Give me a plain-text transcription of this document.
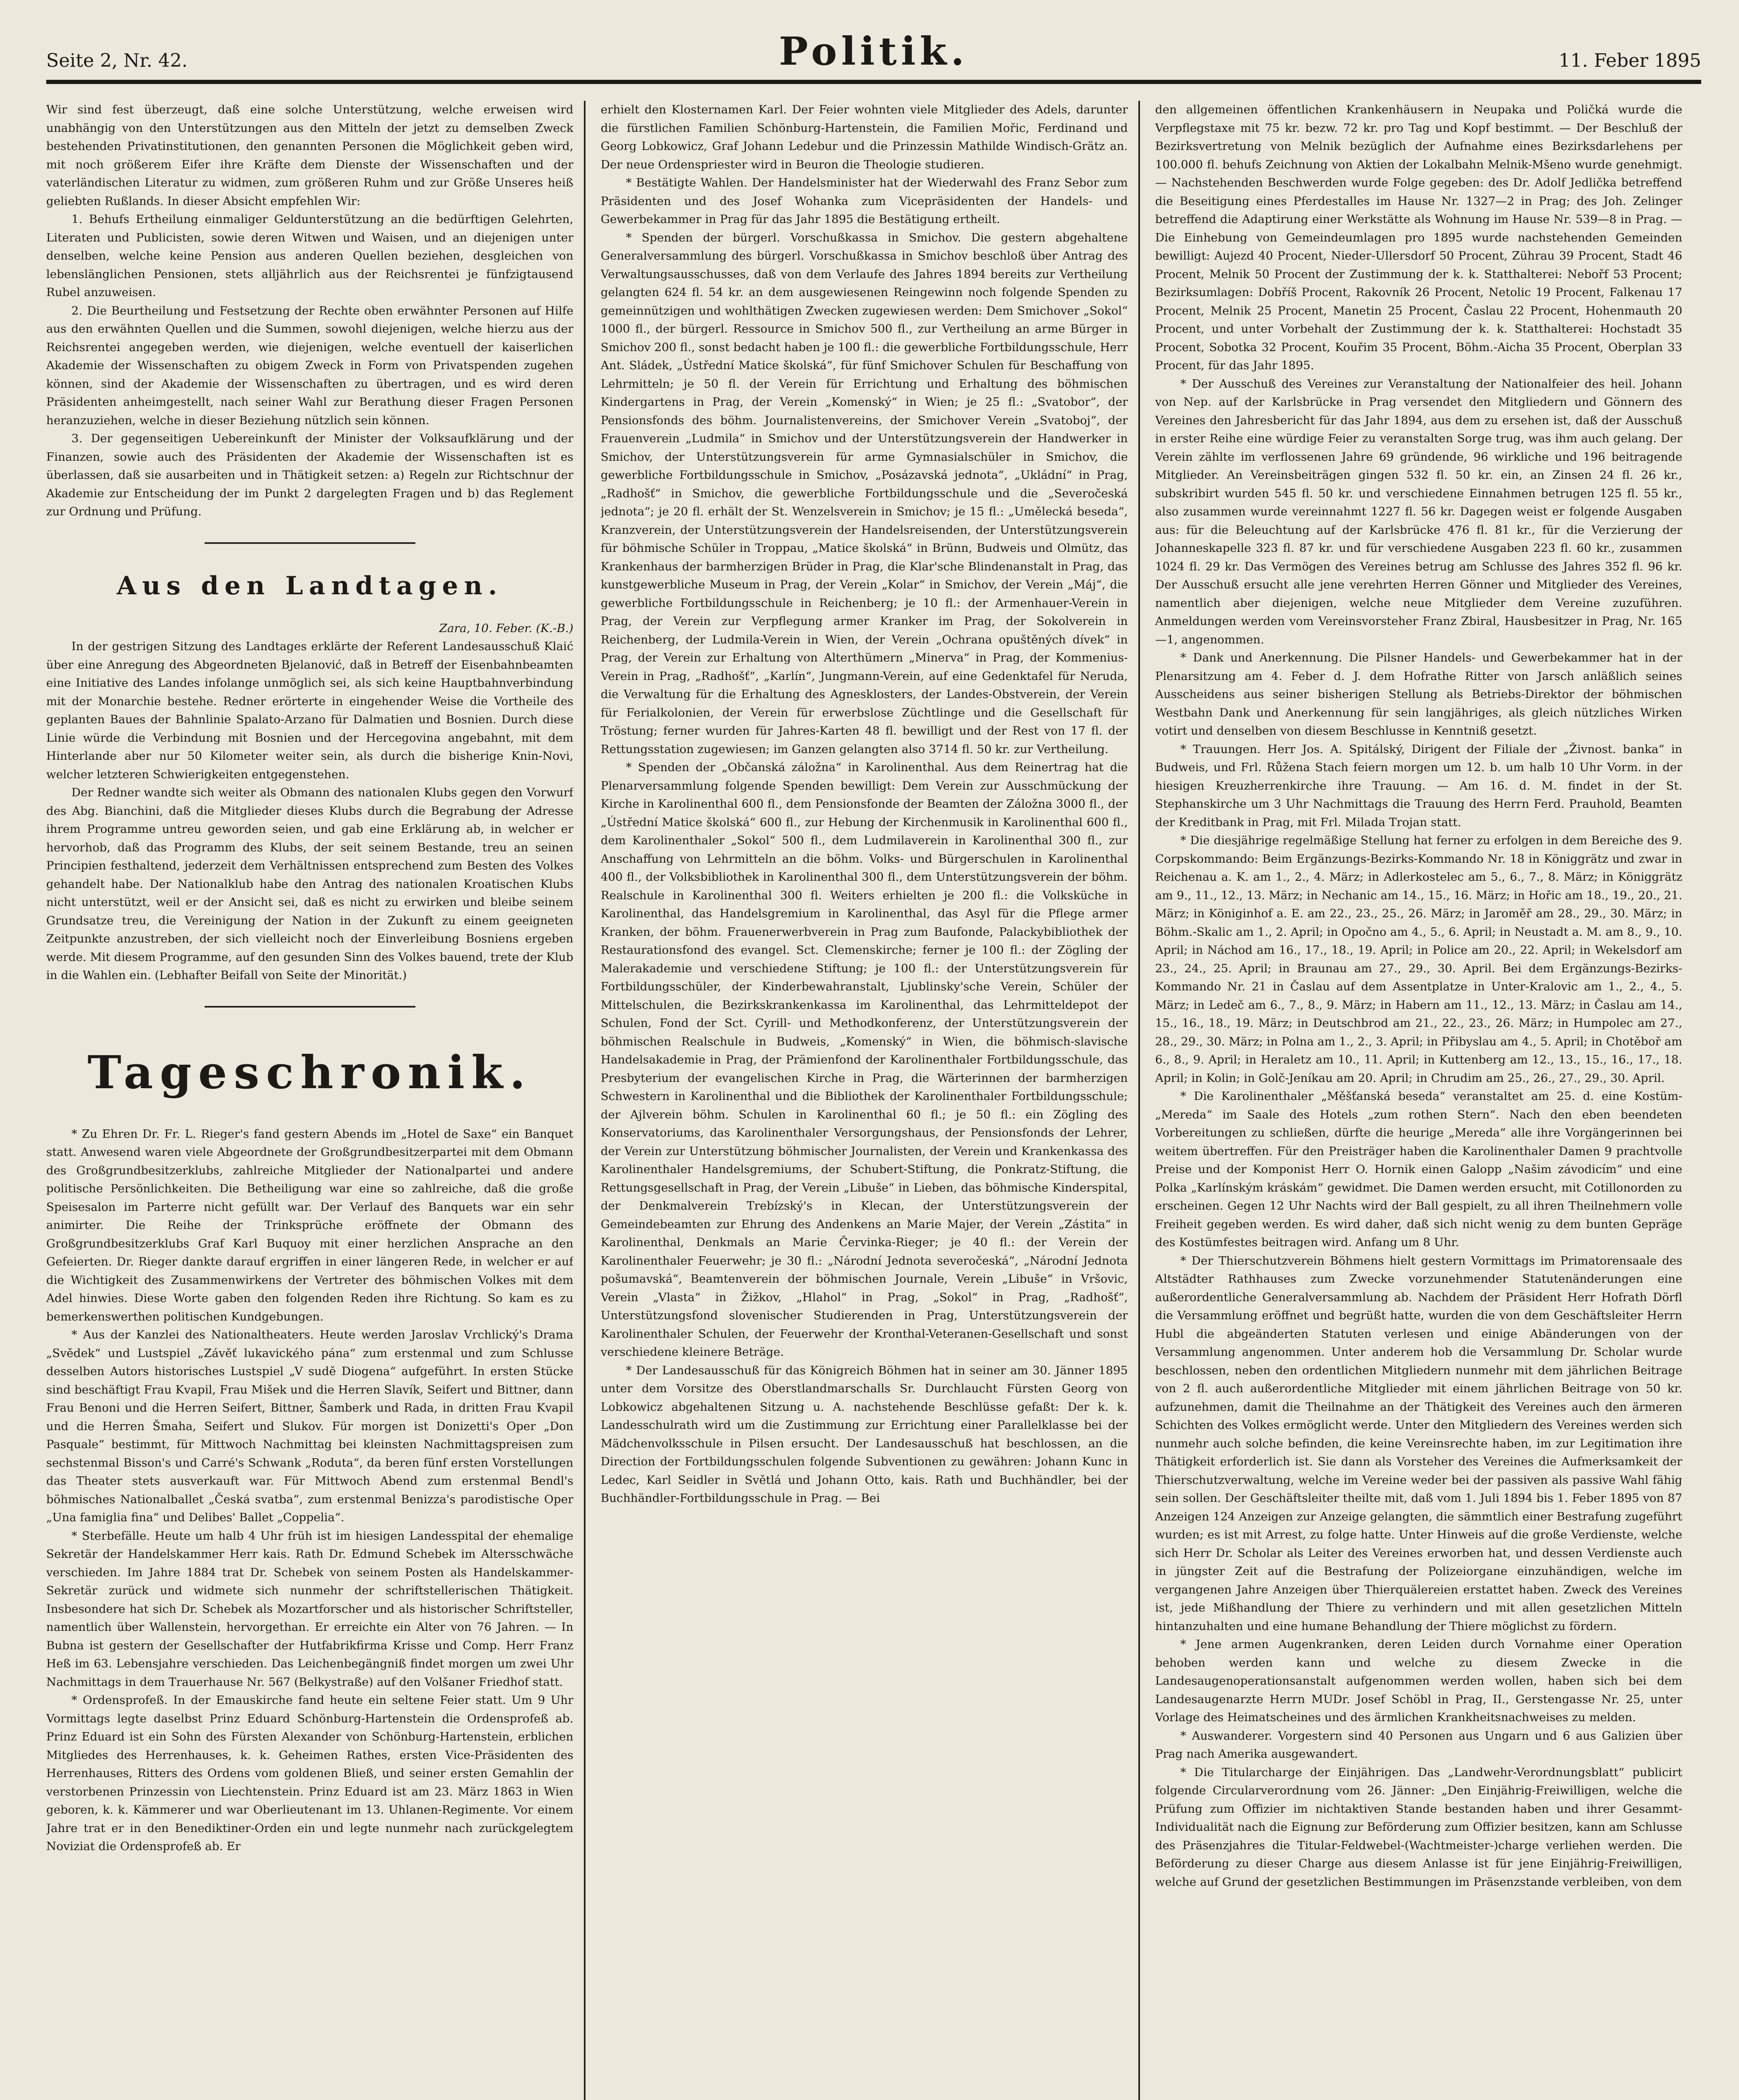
Seite 2, Nr. 42.	Politik.	11. Feber 1895

Wir sind fest überzeugt, daß eine solche Unterstützung, welche erweisen wird unabhängig von den Unterstützungen aus den Mitteln der jetzt zu demselben Zweck bestehenden Privatinstitutionen, den genannten Personen die Möglichkeit geben wird, mit noch größerem Eifer ihre Kräfte dem Dienste der Wissenschaften und der vaterländischen Literatur zu widmen, zum größeren Ruhm und zur Größe Unseres heiß geliebten Rußlands. In dieser Absicht empfehlen Wir:

1. Behufs Ertheilung einmaliger Geldunterstützung an die bedürftigen Gelehrten, Literaten und Publicisten, sowie deren Witwen und Waisen, und an diejenigen unter denselben, welche keine Pension aus anderen Quellen beziehen, desgleichen von lebenslänglichen Pensionen, stets alljährlich aus der Reichsrentei je fünfzigtausend Rubel anzuweisen.

2. Die Beurtheilung und Festsetzung der Rechte oben erwähnter Personen auf Hilfe aus den erwähnten Quellen und die Summen, sowohl diejenigen, welche hierzu aus der Reichsrentei angegeben werden, wie diejenigen, welche eventuell der kaiserlichen Akademie der Wissenschaften zu obigem Zweck in Form von Privatspenden zugehen können, sind der Akademie der Wissenschaften zu übertragen, und es wird deren Präsidenten anheimgestellt, nach seiner Wahl zur Berathung dieser Fragen Personen heranzuziehen, welche in dieser Beziehung nützlich sein können.

3. Der gegenseitigen Uebereinkunft der Minister der Volksaufklärung und der Finanzen, sowie auch des Präsidenten der Akademie der Wissenschaften ist es überlassen, daß sie ausarbeiten und in Thätigkeit setzen: a) Regeln zur Richtschnur der Akademie zur Entscheidung der im Punkt 2 dargelegten Fragen und b) das Reglement zur Ordnung und Prüfung.

Aus den Landtagen.

Zara, 10. Feber. (K.-B.)

In der gestrigen Sitzung des Landtages erklärte der Referent Landesausschuß Klaić über eine Anregung des Abgeordneten Bjelanović, daß in Betreff der Eisenbahnbeamten eine Initiative des Landes infolange unmöglich sei, als sich keine Hauptbahnverbindung mit der Monarchie bestehe. Redner erörterte in eingehender Weise die Vortheile des geplanten Baues der Bahnlinie Spalato-Arzano für Dalmatien und Bosnien. Durch diese Linie würde die Verbindung mit Bosnien und der Hercegovina angebahnt, mit dem Hinterlande aber nur 50 Kilometer weiter sein, als durch die bisherige Knin-Novi, welcher letzteren Schwierigkeiten entgegenstehen.

Der Redner wandte sich weiter als Obmann des nationalen Klubs gegen den Vorwurf des Abg. Bianchini, daß die Mitglieder dieses Klubs durch die Begrabung der Adresse ihrem Programme untreu geworden seien, und gab eine Erklärung ab, in welcher er hervorhob, daß das Programm des Klubs, der seit seinem Bestande, treu an seinen Principien festhaltend, jederzeit dem Verhältnissen entsprechend zum Besten des Volkes gehandelt habe. Der Nationalklub habe den Antrag des nationalen Kroatischen Klubs nicht unterstützt, weil er der Ansicht sei, daß es nicht zu erwirken und bleibe seinem Grundsatze treu, die Vereinigung der Nation in der Zukunft zu einem geeigneten Zeitpunkte anzustreben, der sich vielleicht noch der Einverleibung Bosniens ergeben werde. Mit diesem Programme, auf den gesunden Sinn des Volkes bauend, trete der Klub in die Wahlen ein. (Lebhafter Beifall von Seite der Minorität.)

Tageschronik.

* Zu Ehren Dr. Fr. L. Rieger's fand gestern Abends im „Hotel de Saxe“ ein Banquet statt. Anwesend waren viele Abgeordnete der Großgrundbesitzerpartei mit dem Obmann des Großgrundbesitzerklubs, zahlreiche Mitglieder der Nationalpartei und andere politische Persönlichkeiten. Die Betheiligung war eine so zahlreiche, daß die große Speisesalon im Parterre nicht gefüllt war. Der Verlauf des Banquets war ein sehr animirter. Die Reihe der Trinksprüche eröffnete der Obmann des Großgrundbesitzerklubs Graf Karl Buquoy mit einer herzlichen Ansprache an den Gefeierten. Dr. Rieger dankte darauf ergriffen in einer längeren Rede, in welcher er auf die Wichtigkeit des Zusammenwirkens der Vertreter des böhmischen Volkes mit dem Adel hinwies. Diese Worte gaben den folgenden Reden ihre Richtung. So kam es zu bemerkenswerthen politischen Kundgebungen.

* Aus der Kanzlei des Nationaltheaters. Heute werden Jaroslav Vrchlický's Drama „Svědek“ und Lustspiel „Závěť lukavického pána“ zum erstenmal und zum Schlusse desselben Autors historisches Lustspiel „V sudě Diogena“ aufgeführt. In ersten Stücke sind beschäftigt Frau Kvapil, Frau Mišek und die Herren Slavík, Seifert und Bittner, dann Frau Benoni und die Herren Seifert, Bittner, Šamberk und Rada, in dritten Frau Kvapil und die Herren Šmaha, Seifert und Slukov. Für morgen ist Donizetti's Oper „Don Pasquale“ bestimmt, für Mittwoch Nachmittag bei kleinsten Nachmittagspreisen zum sechstenmal Bisson's und Carré's Schwank „Roduta“, da beren fünf ersten Vorstellungen das Theater stets ausverkauft war. Für Mittwoch Abend zum erstenmal Bendl's böhmisches Nationalballet „Česká svatba“, zum erstenmal Benizza's parodistische Oper „Una famiglia fina“ und Delibes' Ballet „Coppelia“.

* Sterbefälle. Heute um halb 4 Uhr früh ist im hiesigen Landesspital der ehemalige Sekretär der Handelskammer Herr kais. Rath Dr. Edmund Schebek im Altersschwäche verschieden. Im Jahre 1884 trat Dr. Schebek von seinem Posten als Handelskammer-Sekretär zurück und widmete sich nunmehr der schriftstellerischen Thätigkeit. Insbesondere hat sich Dr. Schebek als Mozartforscher und als historischer Schriftsteller, namentlich über Wallenstein, hervorgethan. Er erreichte ein Alter von 76 Jahren. — In Bubna ist gestern der Gesellschafter der Hutfabrikfirma Krisse und Comp. Herr Franz Heß im 63. Lebensjahre verschieden. Das Leichenbegängniß findet morgen um zwei Uhr Nachmittags in dem Trauerhause Nr. 567 (Belkystraße) auf den Volšaner Friedhof statt.

* Ordensprofeß. In der Emauskirche fand heute ein seltene Feier statt. Um 9 Uhr Vormittags legte daselbst Prinz Eduard Schönburg-Hartenstein die Ordensprofeß ab. Prinz Eduard ist ein Sohn des Fürsten Alexander von Schönburg-Hartenstein, erblichen Mitgliedes des Herrenhauses, k. k. Geheimen Rathes, ersten Vice-Präsidenten des Herrenhauses, Ritters des Ordens vom goldenen Bließ, und seiner ersten Gemahlin der verstorbenen Prinzessin von Liechtenstein. Prinz Eduard ist am 23. März 1863 in Wien geboren, k. k. Kämmerer und war Oberlieutenant im 13. Uhlanen-Regimente. Vor einem Jahre trat er in den Benediktiner-Orden ein und legte nunmehr nach zurückgelegtem Noviziat die Ordensprofeß ab. Er

erhielt den Klosternamen Karl. Der Feier wohnten viele Mitglieder des Adels, darunter die fürstlichen Familien Schönburg-Hartenstein, die Familien Mořic, Ferdinand und Georg Lobkowicz, Graf Johann Ledebur und die Prinzessin Mathilde Windisch-Grätz an. Der neue Ordenspriester wird in Beuron die Theologie studieren.

* Bestätigte Wahlen. Der Handelsminister hat der Wiederwahl des Franz Sebor zum Präsidenten und des Josef Wohanka zum Vicepräsidenten der Handels- und Gewerbekammer in Prag für das Jahr 1895 die Bestätigung ertheilt.

* Spenden der bürgerl. Vorschußkassa in Smichov. Die gestern abgehaltene Generalversammlung des bürgerl. Vorschußkassa in Smichov beschloß über Antrag des Verwaltungsausschusses, daß von dem Verlaufe des Jahres 1894 bereits zur Vertheilung gelangten 624 fl. 54 kr. an dem ausgewiesenen Reingewinn noch folgende Spenden zu gemeinnützigen und wohlthätigen Zwecken zugewiesen werden: Dem Smichover „Sokol“ 1000 fl., der bürgerl. Ressource in Smichov 500 fl., zur Vertheilung an arme Bürger in Smichov 200 fl., sonst bedacht haben je 100 fl.: die gewerbliche Fortbildungsschule, Herr Ant. Sládek, „Ústřední Matice školská“, für fünf Smichover Schulen für Beschaffung von Lehrmitteln; je 50 fl. der Verein für Errichtung und Erhaltung des böhmischen Kindergartens in Prag, der Verein „Komenský“ in Wien; je 25 fl.: „Svatobor“, der Pensionsfonds des böhm. Journalistenvereins, der Smichover Verein „Svatoboj“, der Frauenverein „Ludmila“ in Smichov und der Unterstützungsverein der Handwerker in Smichov, der Unterstützungsverein für arme Gymnasialschüler in Smichov, die gewerbliche Fortbildungsschule in Smichov, „Posázavská jednota“, „Ukládní“ in Prag, „Radhošť“ in Smichov, die gewerbliche Fortbildungsschule und die „Severočeská jednota“; je 20 fl. erhält der St. Wenzelsverein in Smichov; je 15 fl.: „Umělecká beseda“, Kranzverein, der Unterstützungsverein der Handelsreisenden, der Unterstützungsverein für böhmische Schüler in Troppau, „Matice školská“ in Brünn, Budweis und Olmütz, das Krankenhaus der barmherzigen Brüder in Prag, die Klar'sche Blindenanstalt in Prag, das kunstgewerbliche Museum in Prag, der Verein „Kolar“ in Smichov, der Verein „Máj“, die gewerbliche Fortbildungsschule in Reichenberg; je 10 fl.: der Armenhauer-Verein in Prag, der Verein zur Verpflegung armer Kranker im Prag, der Sokolverein in Reichenberg, der Ludmila-Verein in Wien, der Verein „Ochrana opuštěných dívek“ in Prag, der Verein zur Erhaltung von Alterthümern „Minerva“ in Prag, der Kommenius-Verein in Prag, „Radhošť“, „Karlín“, Jungmann-Verein, auf eine Gedenktafel für Neruda, die Verwaltung für die Erhaltung des Agnesklosters, der Landes-Obstverein, der Verein für Ferialkolonien, der Verein für erwerbslose Züchtlinge und die Gesellschaft für Tröstung; ferner wurden für Jahres-Karten 48 fl. bewilligt und der Rest von 17 fl. der Rettungsstation zugewiesen; im Ganzen gelangten also 3714 fl. 50 kr. zur Vertheilung.

* Spenden der „Občanská záložna“ in Karolinenthal. Aus dem Reinertrag hat die Plenarversammlung folgende Spenden bewilligt: Dem Verein zur Ausschmückung der Kirche in Karolinenthal 600 fl., dem Pensionsfonde der Beamten der Záložna 3000 fl., der „Ústřední Matice školská“ 600 fl., zur Hebung der Kirchenmusik in Karolinenthal 600 fl., dem Karolinenthaler „Sokol“ 500 fl., dem Ludmilaverein in Karolinenthal 300 fl., zur Anschaffung von Lehrmitteln an die böhm. Volks- und Bürgerschulen in Karolinenthal 400 fl., der Volksbibliothek in Karolinenthal 300 fl., dem Unterstützungsverein der böhm. Realschule in Karolinenthal 300 fl. Weiters erhielten je 200 fl.: die Volksküche in Karolinenthal, das Handelsgremium in Karolinenthal, das Asyl für die Pflege armer Kranken, der böhm. Frauenerwerbverein in Prag zum Baufonde, Palackybibliothek der Restaurationsfond des evangel. Sct. Clemenskirche; ferner je 100 fl.: der Zögling der Malerakademie und verschiedene Stiftung; je 100 fl.: der Unterstützungsverein für Fortbildungsschüler, der Kinderbewahranstalt, Ljublinsky'sche Verein, Schüler der Mittelschulen, die Bezirkskrankenkassa im Karolinenthal, das Lehrmitteldepot der Schulen, Fond der Sct. Cyrill- und Methodkonferenz, der Unterstützungsverein der böhmischen Realschule in Budweis, „Komenský“ in Wien, die böhmisch-slavische Handelsakademie in Prag, der Prämienfond der Karolinenthaler Fortbildungsschule, das Presbyterium der evangelischen Kirche in Prag, die Wärterinnen der barmherzigen Schwestern in Karolinenthal und die Bibliothek der Karolinenthaler Fortbildungsschule; der Ajlverein böhm. Schulen in Karolinenthal 60 fl.; je 50 fl.: ein Zögling des Konservatoriums, das Karolinenthaler Versorgungshaus, der Pensionsfonds der Lehrer, der Verein zur Unterstützung böhmischer Journalisten, der Verein und Krankenkassa des Karolinenthaler Handelsgremiums, der Schubert-Stiftung, die Ponkratz-Stiftung, die Rettungsgesellschaft in Prag, der Verein „Libuše“ in Lieben, das böhmische Kinderspital, der Denkmalverein Trebízský's in Klecan, der Unterstützungsverein der Gemeindebeamten zur Ehrung des Andenkens an Marie Majer, der Verein „Zástita“ in Karolinenthal, Denkmals an Marie Červinka-Rieger; je 40 fl.: der Verein der Karolinenthaler Feuerwehr; je 30 fl.: „Národní Jednota severočeská“, „Národní Jednota pošumavská“, Beamtenverein der böhmischen Journale, Verein „Libuše“ in Vršovic, Verein „Vlasta“ in Žižkov, „Hlahol“ in Prag, „Sokol“ in Prag, „Radhošť“, Unterstützungsfond slovenischer Studierenden in Prag, Unterstützungsverein der Karolinenthaler Schulen, der Feuerwehr der Kronthal-Veteranen-Gesellschaft und sonst verschiedene kleinere Beträge.

* Der Landesausschuß für das Königreich Böhmen hat in seiner am 30. Jänner 1895 unter dem Vorsitze des Oberstlandmarschalls Sr. Durchlaucht Fürsten Georg von Lobkowicz abgehaltenen Sitzung u. A. nachstehende Beschlüsse gefaßt: Der k. k. Landesschulrath wird um die Zustimmung zur Errichtung einer Parallelklasse bei der Mädchenvolksschule in Pilsen ersucht. Der Landesausschuß hat beschlossen, an die Direction der Fortbildungsschulen folgende Subventionen zu gewähren: Johann Kunc in Ledec, Karl Seidler in Světlá und Johann Otto, kais. Rath und Buchhändler, bei der Buchhändler-Fortbildungsschule in Prag. — Bei

den allgemeinen öffentlichen Krankenhäusern in Neupaka und Poličká wurde die Verpflegstaxe mit 75 kr. bezw. 72 kr. pro Tag und Kopf bestimmt. — Der Beschluß der Bezirksvertretung von Melnik bezüglich der Aufnahme eines Bezirksdarlehens per 100.000 fl. behufs Zeichnung von Aktien der Lokalbahn Melnik-Mšeno wurde genehmigt. — Nachstehenden Beschwerden wurde Folge gegeben: des Dr. Adolf Jedlička betreffend die Beseitigung eines Pferdestalles im Hause Nr. 1327—2 in Prag; des Joh. Zelinger betreffend die Adaptirung einer Werkstätte als Wohnung im Hause Nr. 539—8 in Prag. — Die Einhebung von Gemeindeumlagen pro 1895 wurde nachstehenden Gemeinden bewilligt: Aujezd 40 Procent, Nieder-Ullersdorf 50 Procent, Zührau 39 Procent, Stadt 46 Procent, Melnik 50 Procent der Zustimmung der k. k. Statthalterei: Nebořf 53 Procent; Bezirksumlagen: Dobříš Procent, Rakovník 26 Procent, Netolic 19 Procent, Falkenau 17 Procent, Melnik 25 Procent, Manetin 25 Procent, Časlau 22 Procent, Hohenmauth 20 Procent, und unter Vorbehalt der Zustimmung der k. k. Statthalterei: Hochstadt 35 Procent, Sobotka 32 Procent, Kouřim 35 Procent, Böhm.-Aicha 35 Procent, Oberplan 33 Procent, für das Jahr 1895.

* Der Ausschuß des Vereines zur Veranstaltung der Nationalfeier des heil. Johann von Nep. auf der Karlsbrücke in Prag versendet den Mitgliedern und Gönnern des Vereines den Jahresbericht für das Jahr 1894, aus dem zu ersehen ist, daß der Ausschuß in erster Reihe eine würdige Feier zu veranstalten Sorge trug, was ihm auch gelang. Der Verein zählte im verflossenen Jahre 69 gründende, 96 wirkliche und 196 beitragende Mitglieder. An Vereinsbeiträgen gingen 532 fl. 50 kr. ein, an Zinsen 24 fl. 26 kr., subskribirt wurden 545 fl. 50 kr. und verschiedene Einnahmen betrugen 125 fl. 55 kr., also zusammen wurde vereinnahmt 1227 fl. 56 kr. Dagegen weist er folgende Ausgaben aus: für die Beleuchtung auf der Karlsbrücke 476 fl. 81 kr., für die Verzierung der Johanneskapelle 323 fl. 87 kr. und für verschiedene Ausgaben 223 fl. 60 kr., zusammen 1024 fl. 29 kr. Das Vermögen des Vereines betrug am Schlusse des Jahres 352 fl. 96 kr. Der Ausschuß ersucht alle jene verehrten Herren Gönner und Mitglieder des Vereines, namentlich aber diejenigen, welche neue Mitglieder dem Vereine zuzuführen. Anmeldungen werden vom Vereinsvorsteher Franz Zbiral, Hausbesitzer in Prag, Nr. 165—1, angenommen.

* Dank und Anerkennung. Die Pilsner Handels- und Gewerbekammer hat in der Plenarsitzung am 4. Feber d. J. dem Hofrathe Ritter von Jarsch anläßlich seines Ausscheidens aus seiner bisherigen Stellung als Betriebs-Direktor der böhmischen Westbahn Dank und Anerkennung für sein langjähriges, als gleich nützliches Wirken votirt und denselben von diesem Beschlusse in Kenntniß gesetzt.

* Trauungen. Herr Jos. A. Spitálský, Dirigent der Filiale der „Živnost. banka“ in Budweis, und Frl. Růžena Stach feiern morgen um 12. b. um halb 10 Uhr Vorm. in der hiesigen Kreuzherrenkirche ihre Trauung. — Am 16. d. M. findet in der St. Stephanskirche um 3 Uhr Nachmittags die Trauung des Herrn Ferd. Prauhold, Beamten der Kreditbank in Prag, mit Frl. Milada Trojan statt.

* Die diesjährige regelmäßige Stellung hat ferner zu erfolgen in dem Bereiche des 9. Corpskommando: Beim Ergänzungs-Bezirks-Kommando Nr. 18 in Königgrätz und zwar in Reichenau a. K. am 1., 2., 4. März; in Adlerkostelec am 5., 6., 7., 8. März; in Königgrätz am 9., 11., 12., 13. März; in Nechanic am 14., 15., 16. März; in Hořic am 18., 19., 20., 21. März; in Königinhof a. E. am 22., 23., 25., 26. März; in Jaroměř am 28., 29., 30. März; in Böhm.-Skalic am 1., 2. April; in Opočno am 4., 5., 6. April; in Neustadt a. M. am 8., 9., 10. April; in Náchod am 16., 17., 18., 19. April; in Police am 20., 22. April; in Wekelsdorf am 23., 24., 25. April; in Braunau am 27., 29., 30. April. Bei dem Ergänzungs-Bezirks-Kommando Nr. 21 in Časlau auf dem Assentplatze in Unter-Kralovic am 1., 2., 4., 5. März; in Ledeč am 6., 7., 8., 9. März; in Habern am 11., 12., 13. März; in Časlau am 14., 15., 16., 18., 19. März; in Deutschbrod am 21., 22., 23., 26. März; in Humpolec am 27., 28., 29., 30. März; in Polna am 1., 2., 3. April; in Přibyslau am 4., 5. April; in Chotěboř am 6., 8., 9. April; in Heraletz am 10., 11. April; in Kuttenberg am 12., 13., 15., 16., 17., 18. April; in Kolin; in Golč-Jeníkau am 20. April; in Chrudim am 25., 26., 27., 29., 30. April.

* Die Karolinenthaler „Měšťanská beseda“ veranstaltet am 25. d. eine Kostüm-„Mereda“ im Saale des Hotels „zum rothen Stern“. Nach den eben beendeten Vorbereitungen zu schließen, dürfte die heurige „Mereda“ alle ihre Vorgängerinnen bei weitem übertreffen. Für den Preisträger haben die Karolinenthaler Damen 9 prachtvolle Preise und der Komponist Herr O. Hornik einen Galopp „Našim závodicím“ und eine Polka „Karlínským kráskám“ gewidmet. Die Damen werden ersucht, mit Cotillonorden zu erscheinen. Gegen 12 Uhr Nachts wird der Ball gespielt, zu all ihren Theilnehmern volle Freiheit gegeben werden. Es wird daher, daß sich nicht wenig zu dem bunten Gepräge des Kostümfestes beitragen wird. Anfang um 8 Uhr.

* Der Thierschutzverein Böhmens hielt gestern Vormittags im Primatorensaale des Altstädter Rathhauses zum Zwecke vorzunehmender Statutenänderungen eine außerordentliche Generalversammlung ab. Nachdem der Präsident Herr Hofrath Dörfl die Versammlung eröffnet und begrüßt hatte, wurden die von dem Geschäftsleiter Herrn Hubl die abgeänderten Statuten verlesen und einige Abänderungen von der Versammlung angenommen. Unter anderem hob die Versammlung Dr. Scholar wurde beschlossen, neben den ordentlichen Mitgliedern nunmehr mit dem jährlichen Beitrage von 2 fl. auch außerordentliche Mitglieder mit einem jährlichen Beitrage von 50 kr. aufzunehmen, damit die Theilnahme an der Thätigkeit des Vereines auch den ärmeren Schichten des Volkes ermöglicht werde. Unter den Mitgliedern des Vereines werden sich nunmehr auch solche befinden, die keine Vereinsrechte haben, im zur Legitimation ihre Thätigkeit erforderlich ist. Sie dann als Vorsteher des Vereines die Aufmerksamkeit der Thierschutzverwaltung, welche im Vereine weder bei der passiven als passive Wahl fähig sein sollen. Der Geschäftsleiter theilte mit, daß vom 1. Juli 1894 bis 1. Feber 1895 von 87 Anzeigen 124 Anzeigen zur Anzeige gelangten, die sämmtlich einer Bestrafung zugeführt wurden; es ist mit Arrest, zu folge hatte. Unter Hinweis auf die große Verdienste, welche sich Herr Dr. Scholar als Leiter des Vereines erworben hat, und dessen Verdienste auch in jüngster Zeit auf die Bestrafung der Polizeiorgane einzuhändigen, welche im vergangenen Jahre Anzeigen über Thierquälereien erstattet haben. Zweck des Vereines ist, jede Mißhandlung der Thiere zu verhindern und mit allen gesetzlichen Mitteln hintanzuhalten und eine humane Behandlung der Thiere möglichst zu fördern.

* Jene armen Augenkranken, deren Leiden durch Vornahme einer Operation behoben werden kann und welche zu diesem Zwecke in die Landesaugenoperationsanstalt aufgenommen werden wollen, haben sich bei dem Landesaugenarzte Herrn MUDr. Josef Schöbl in Prag, II., Gerstengasse Nr. 25, unter Vorlage des Heimatscheines und des ärmlichen Krankheitsnachweises zu melden.

* Auswanderer. Vorgestern sind 40 Personen aus Ungarn und 6 aus Galizien über Prag nach Amerika ausgewandert.

* Die Titularcharge der Einjährigen. Das „Landwehr-Verordnungsblatt“ publicirt folgende Circularverordnung vom 26. Jänner: „Den Einjährig-Freiwilligen, welche die Prüfung zum Offizier im nichtaktiven Stande bestanden haben und ihrer Gesammt-Individualität nach die Eignung zur Beförderung zum Offizier besitzen, kann am Schlusse des Präsenzjahres die Titular-Feldwebel-(Wachtmeister-)charge verliehen werden. Die Beförderung zu dieser Charge aus diesem Anlasse ist für jene Einjährig-Freiwilligen, welche auf Grund der gesetzlichen Bestimmungen im Präsenzstande verbleiben, von dem
